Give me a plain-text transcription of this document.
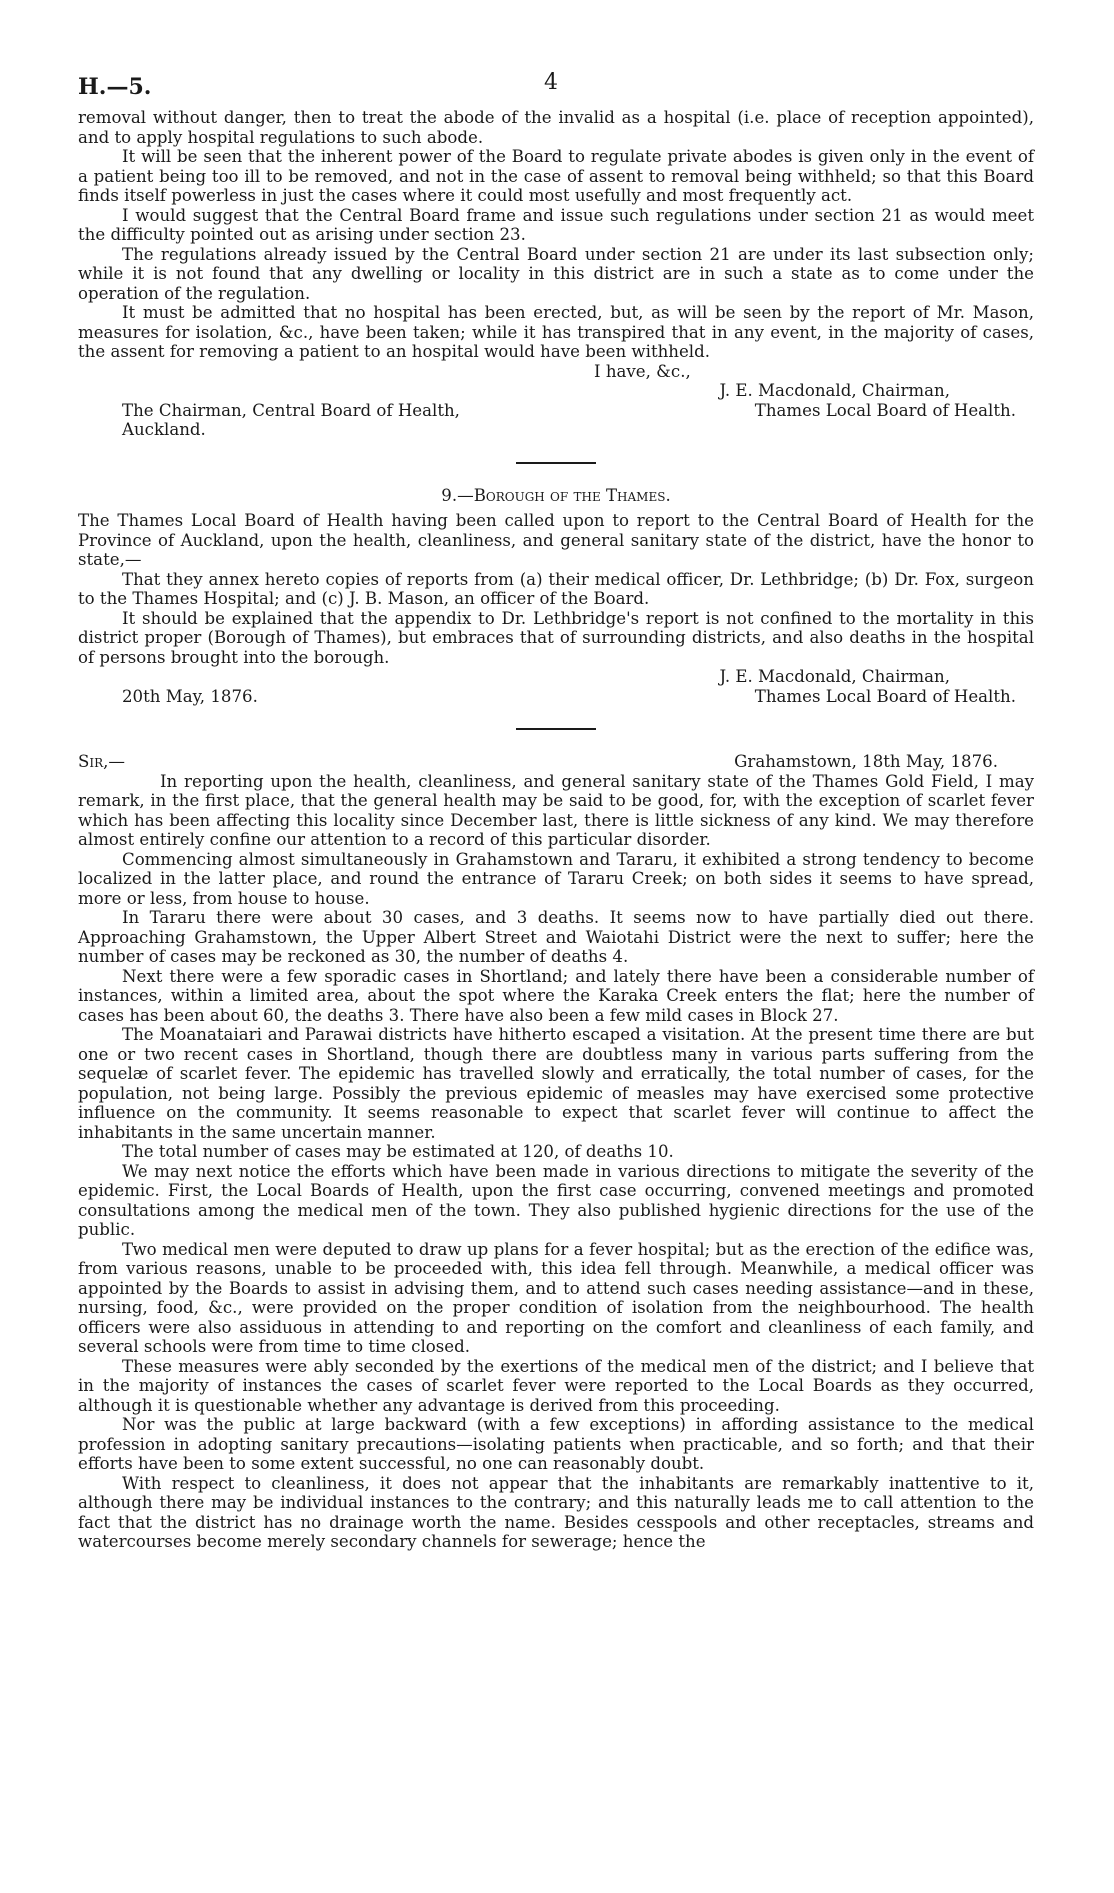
H.—5.	4

removal without danger, then to treat the abode of the invalid as a hospital (i.e. place of reception appointed), and to apply hospital regulations to such abode.

It will be seen that the inherent power of the Board to regulate private abodes is given only in the event of a patient being too ill to be removed, and not in the case of assent to removal being withheld; so that this Board finds itself powerless in just the cases where it could most usefully and most frequently act.

I would suggest that the Central Board frame and issue such regulations under section 21 as would meet the difficulty pointed out as arising under section 23.

The regulations already issued by the Central Board under section 21 are under its last subsection only; while it is not found that any dwelling or locality in this district are in such a state as to come under the operation of the regulation.

It must be admitted that no hospital has been erected, but, as will be seen by the report of Mr. Mason, measures for isolation, &c., have been taken; while it has transpired that in any event, in the majority of cases, the assent for removing a patient to an hospital would have been withheld.

	I have, &c.,
	J. E. Macdonald, Chairman,
The Chairman, Central Board of Health, Auckland.	Thames Local Board of Health.

9.—Borough of the Thames.

The Thames Local Board of Health having been called upon to report to the Central Board of Health for the Province of Auckland, upon the health, cleanliness, and general sanitary state of the district, have the honor to state,—

That they annex hereto copies of reports from (a) their medical officer, Dr. Lethbridge; (b) Dr. Fox, surgeon to the Thames Hospital; and (c) J. B. Mason, an officer of the Board.

It should be explained that the appendix to Dr. Lethbridge's report is not confined to the mortality in this district proper (Borough of Thames), but embraces that of surrounding districts, and also deaths in the hospital of persons brought into the borough.

	J. E. Macdonald, Chairman,
20th May, 1876.	Thames Local Board of Health.
Sir,—	Grahamstown, 18th May, 1876.

In reporting upon the health, cleanliness, and general sanitary state of the Thames Gold Field, I may remark, in the first place, that the general health may be said to be good, for, with the exception of scarlet fever which has been affecting this locality since December last, there is little sickness of any kind. We may therefore almost entirely confine our attention to a record of this particular disorder.

Commencing almost simultaneously in Grahamstown and Tararu, it exhibited a strong tendency to become localized in the latter place, and round the entrance of Tararu Creek; on both sides it seems to have spread, more or less, from house to house.

In Tararu there were about 30 cases, and 3 deaths. It seems now to have partially died out there. Approaching Grahamstown, the Upper Albert Street and Waiotahi District were the next to suffer; here the number of cases may be reckoned as 30, the number of deaths 4.

Next there were a few sporadic cases in Shortland; and lately there have been a considerable number of instances, within a limited area, about the spot where the Karaka Creek enters the flat; here the number of cases has been about 60, the deaths 3. There have also been a few mild cases in Block 27.

The Moanataiari and Parawai districts have hitherto escaped a visitation. At the present time there are but one or two recent cases in Shortland, though there are doubtless many in various parts suffering from the sequelæ of scarlet fever. The epidemic has travelled slowly and erratically, the total number of cases, for the population, not being large. Possibly the previous epidemic of measles may have exercised some protective influence on the community. It seems reasonable to expect that scarlet fever will continue to affect the inhabitants in the same uncertain manner.

The total number of cases may be estimated at 120, of deaths 10.

We may next notice the efforts which have been made in various directions to mitigate the severity of the epidemic. First, the Local Boards of Health, upon the first case occurring, convened meetings and promoted consultations among the medical men of the town. They also published hygienic directions for the use of the public.

Two medical men were deputed to draw up plans for a fever hospital; but as the erection of the edifice was, from various reasons, unable to be proceeded with, this idea fell through. Meanwhile, a medical officer was appointed by the Boards to assist in advising them, and to attend such cases needing assistance—and in these, nursing, food, &c., were provided on the proper condition of isolation from the neighbourhood. The health officers were also assiduous in attending to and reporting on the comfort and cleanliness of each family, and several schools were from time to time closed.

These measures were ably seconded by the exertions of the medical men of the district; and I believe that in the majority of instances the cases of scarlet fever were reported to the Local Boards as they occurred, although it is questionable whether any advantage is derived from this proceeding.

Nor was the public at large backward (with a few exceptions) in affording assistance to the medical profession in adopting sanitary precautions—isolating patients when practicable, and so forth; and that their efforts have been to some extent successful, no one can reasonably doubt.

With respect to cleanliness, it does not appear that the inhabitants are remarkably inattentive to it, although there may be individual instances to the contrary; and this naturally leads me to call attention to the fact that the district has no drainage worth the name. Besides cesspools and other receptacles, streams and watercourses become merely secondary channels for sewerage; hence the
